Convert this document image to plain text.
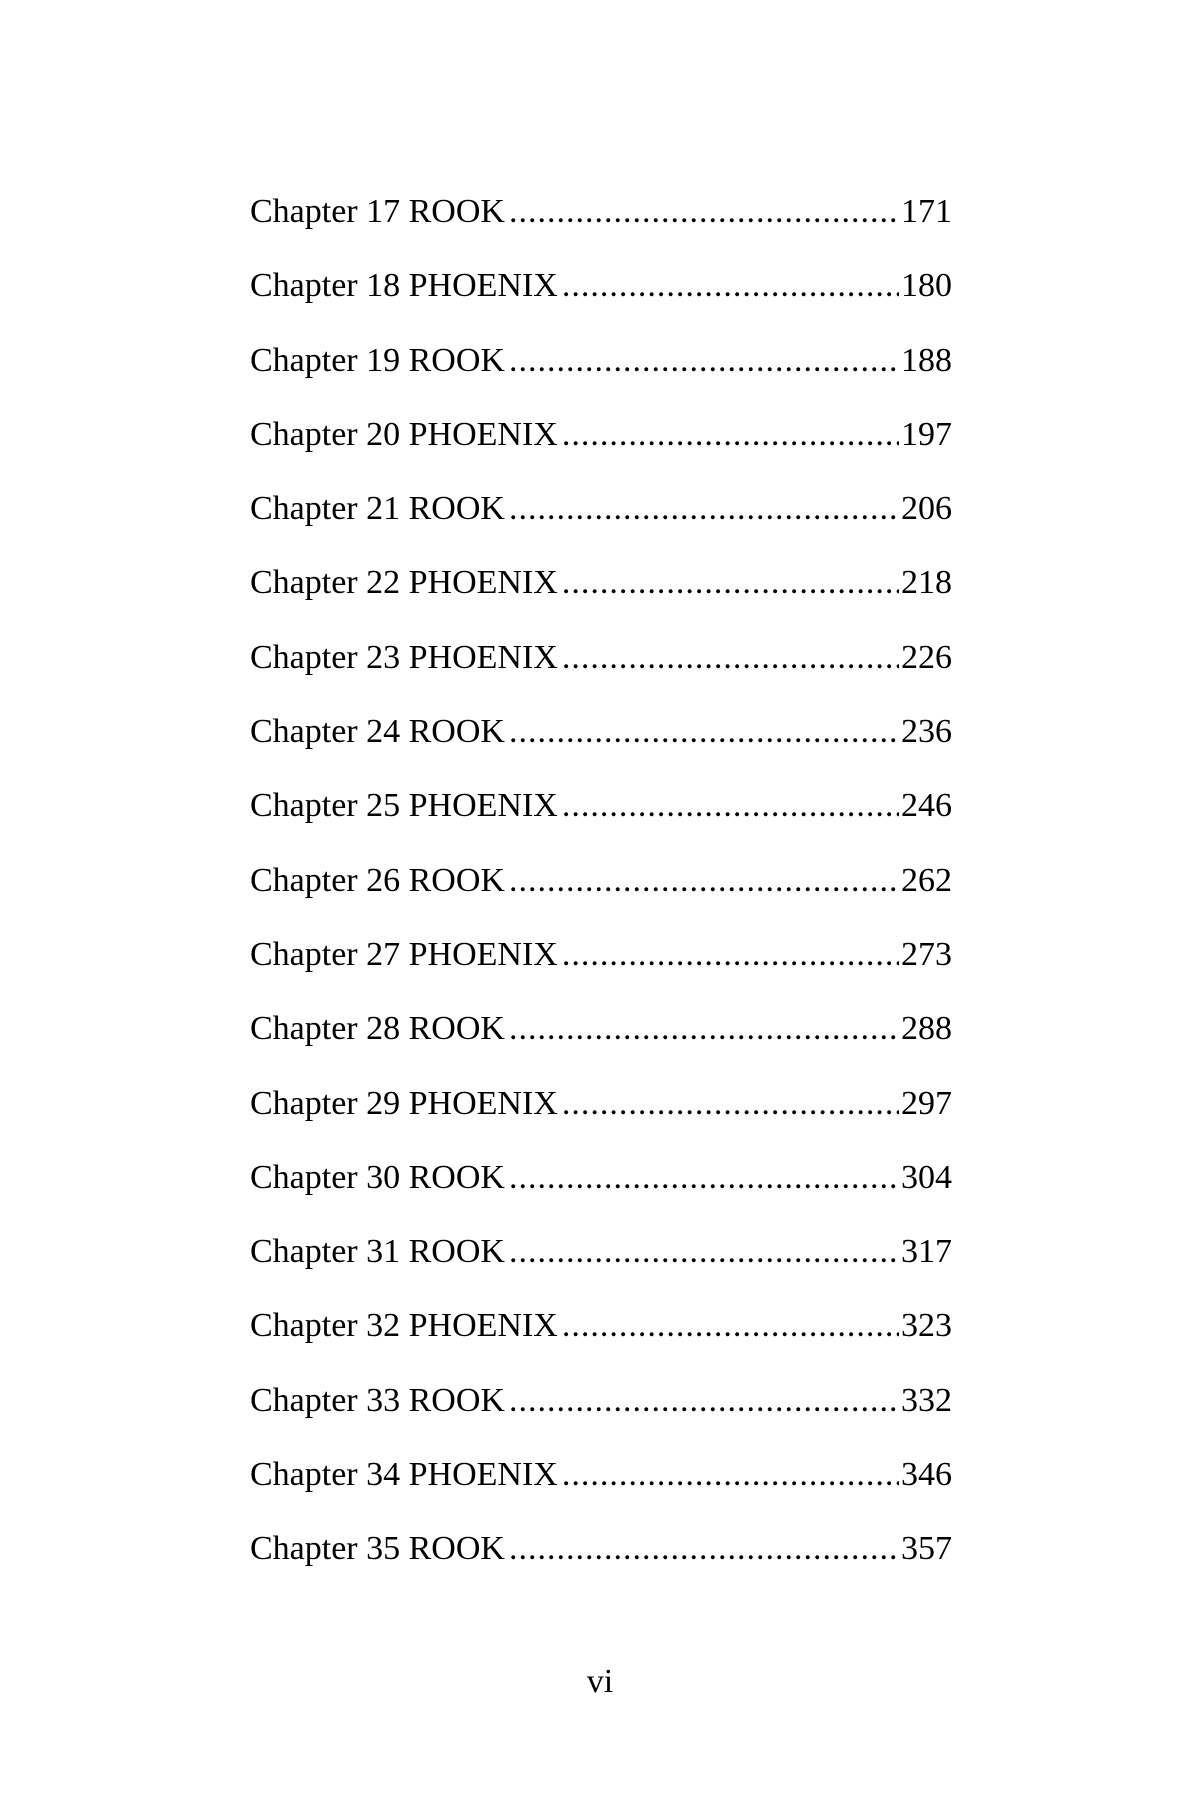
Chapter 17 ROOK .....	171
Chapter 18 PHOENIX .....	180
Chapter 19 ROOK .....	188
Chapter 20 PHOENIX .....	197
Chapter 21 ROOK .....	206
Chapter 22 PHOENIX .....	218
Chapter 23 PHOENIX .....	226
Chapter 24 ROOK .....	236
Chapter 25 PHOENIX .....	246
Chapter 26 ROOK .....	262
Chapter 27 PHOENIX .....	273
Chapter 28 ROOK .....	288
Chapter 29 PHOENIX .....	297
Chapter 30 ROOK .....	304
Chapter 31 ROOK .....	317
Chapter 32 PHOENIX .....	323
Chapter 33 ROOK .....	332
Chapter 34 PHOENIX .....	346
Chapter 35 ROOK .....	357
vi
